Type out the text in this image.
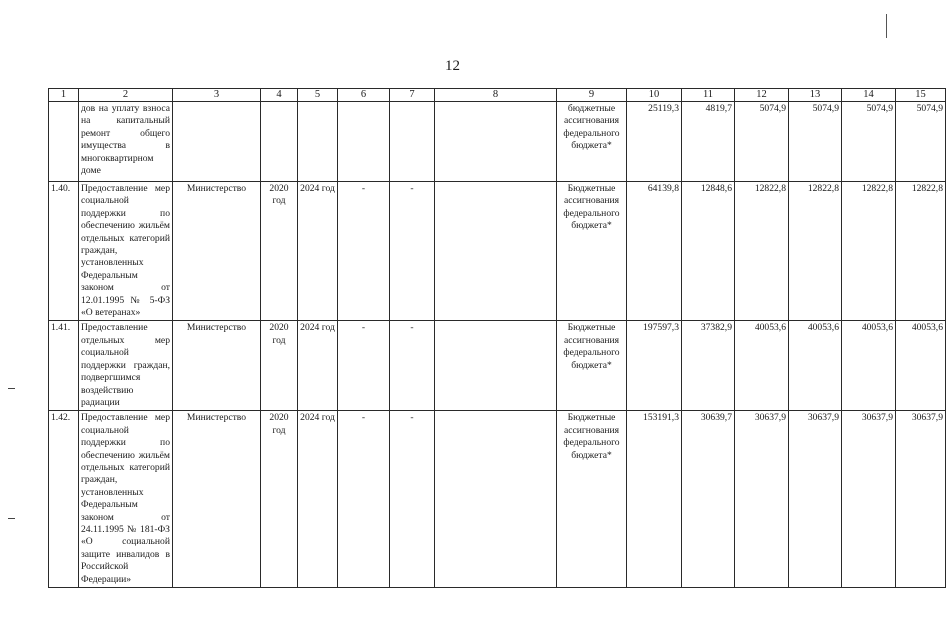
12
1	2	3	4	5	6	7	8	9	10	11	12	13	14	15
	дов на уплату взноса на капитальный ремонт общего имущества в многоквартирном доме							бюджетные ассигнования федерального бюджета*	25119,3	4819,7	5074,9	5074,9	5074,9	5074,9
1.40.	Предоставление мер социальной поддержки по обеспечению жильём отдельных категорий граждан, установленных Федеральным законом от 12.01.1995 № 5-ФЗ «О ветеранах»	Министерство	2020 год	2024 год	-	-		Бюджетные ассигнования федерального бюджета*	64139,8	12848,6	12822,8	12822,8	12822,8	12822,8
1.41.	Предоставление отдельных мер социальной поддержки граждан, подвергшимся воздействию радиации	Министерство	2020 год	2024 год	-	-		Бюджетные ассигнования федерального бюджета*	197597,3	37382,9	40053,6	40053,6	40053,6	40053,6
1.42.	Предоставление мер социальной поддержки по обеспечению жильём отдельных категорий граждан, установленных Федеральным законом от 24.11.1995 № 181-ФЗ «О социальной защите инвалидов в Российской Федерации»	Министерство	2020 год	2024 год	-	-		Бюджетные ассигнования федерального бюджета*	153191,3	30639,7	30637,9	30637,9	30637,9	30637,9
